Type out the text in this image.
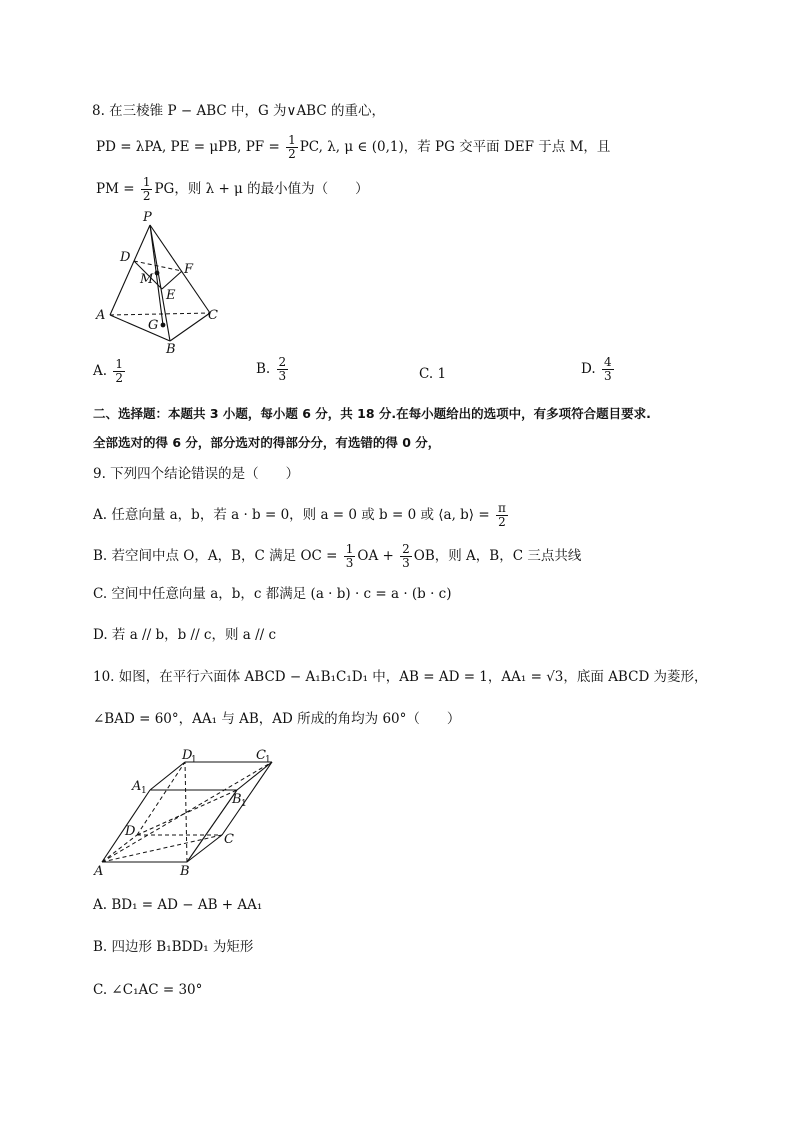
8. 在三棱锥 P − ABC 中，G 为∨ABC 的重心，
PD = λPA, PE = μPB, PF = $\frac{1}{2}$ PC, λ, μ ∈ (0,1)，若 PG 交平面 DEF 于点 M，且
PM = $\frac{1}{2}$ PG，则 λ + μ 的最小值为（　　）
P
D
M
F
E
A	C
G
B
A. $\frac{1}{2}$	B. $\frac{2}{3}$	C. 1	D. $\frac{4}{3}$
二、选择题：本题共 3 小题，每小题 6 分，共 18 分.在每小题给出的选项中，有多项符合题目要求.
全部选对的得 6 分，部分选对的得部分分，有选错的得 0 分，
9. 下列四个结论错误的是（　　）
A. 任意向量 a，b，若 a · b = 0，则 a = 0 或 b = 0 或 ⟨a, b⟩ = $\frac{\pi}{2}$
B. 若空间中点 O，A，B，C 满足 OC = $\frac{1}{3}$ OA + $\frac{2}{3}$ OB，则 A，B，C 三点共线
C. 空间中任意向量 a，b，c 都满足 (a · b) · c = a · (b · c)
D. 若 a // b，b // c，则 a // c
10. 如图，在平行六面体 ABCD − A₁B₁C₁D₁ 中，AB = AD = 1，AA₁ = √3，底面 ABCD 为菱形，
∠BAD = 60°，AA₁ 与 AB，AD 所成的角均为 60°（　　）
D
1	C 1
A 1
B 1
D
C
A	B
A. BD₁ = AD − AB + AA₁
B. 四边形 B₁BDD₁ 为矩形
C. ∠C₁AC = 30°
